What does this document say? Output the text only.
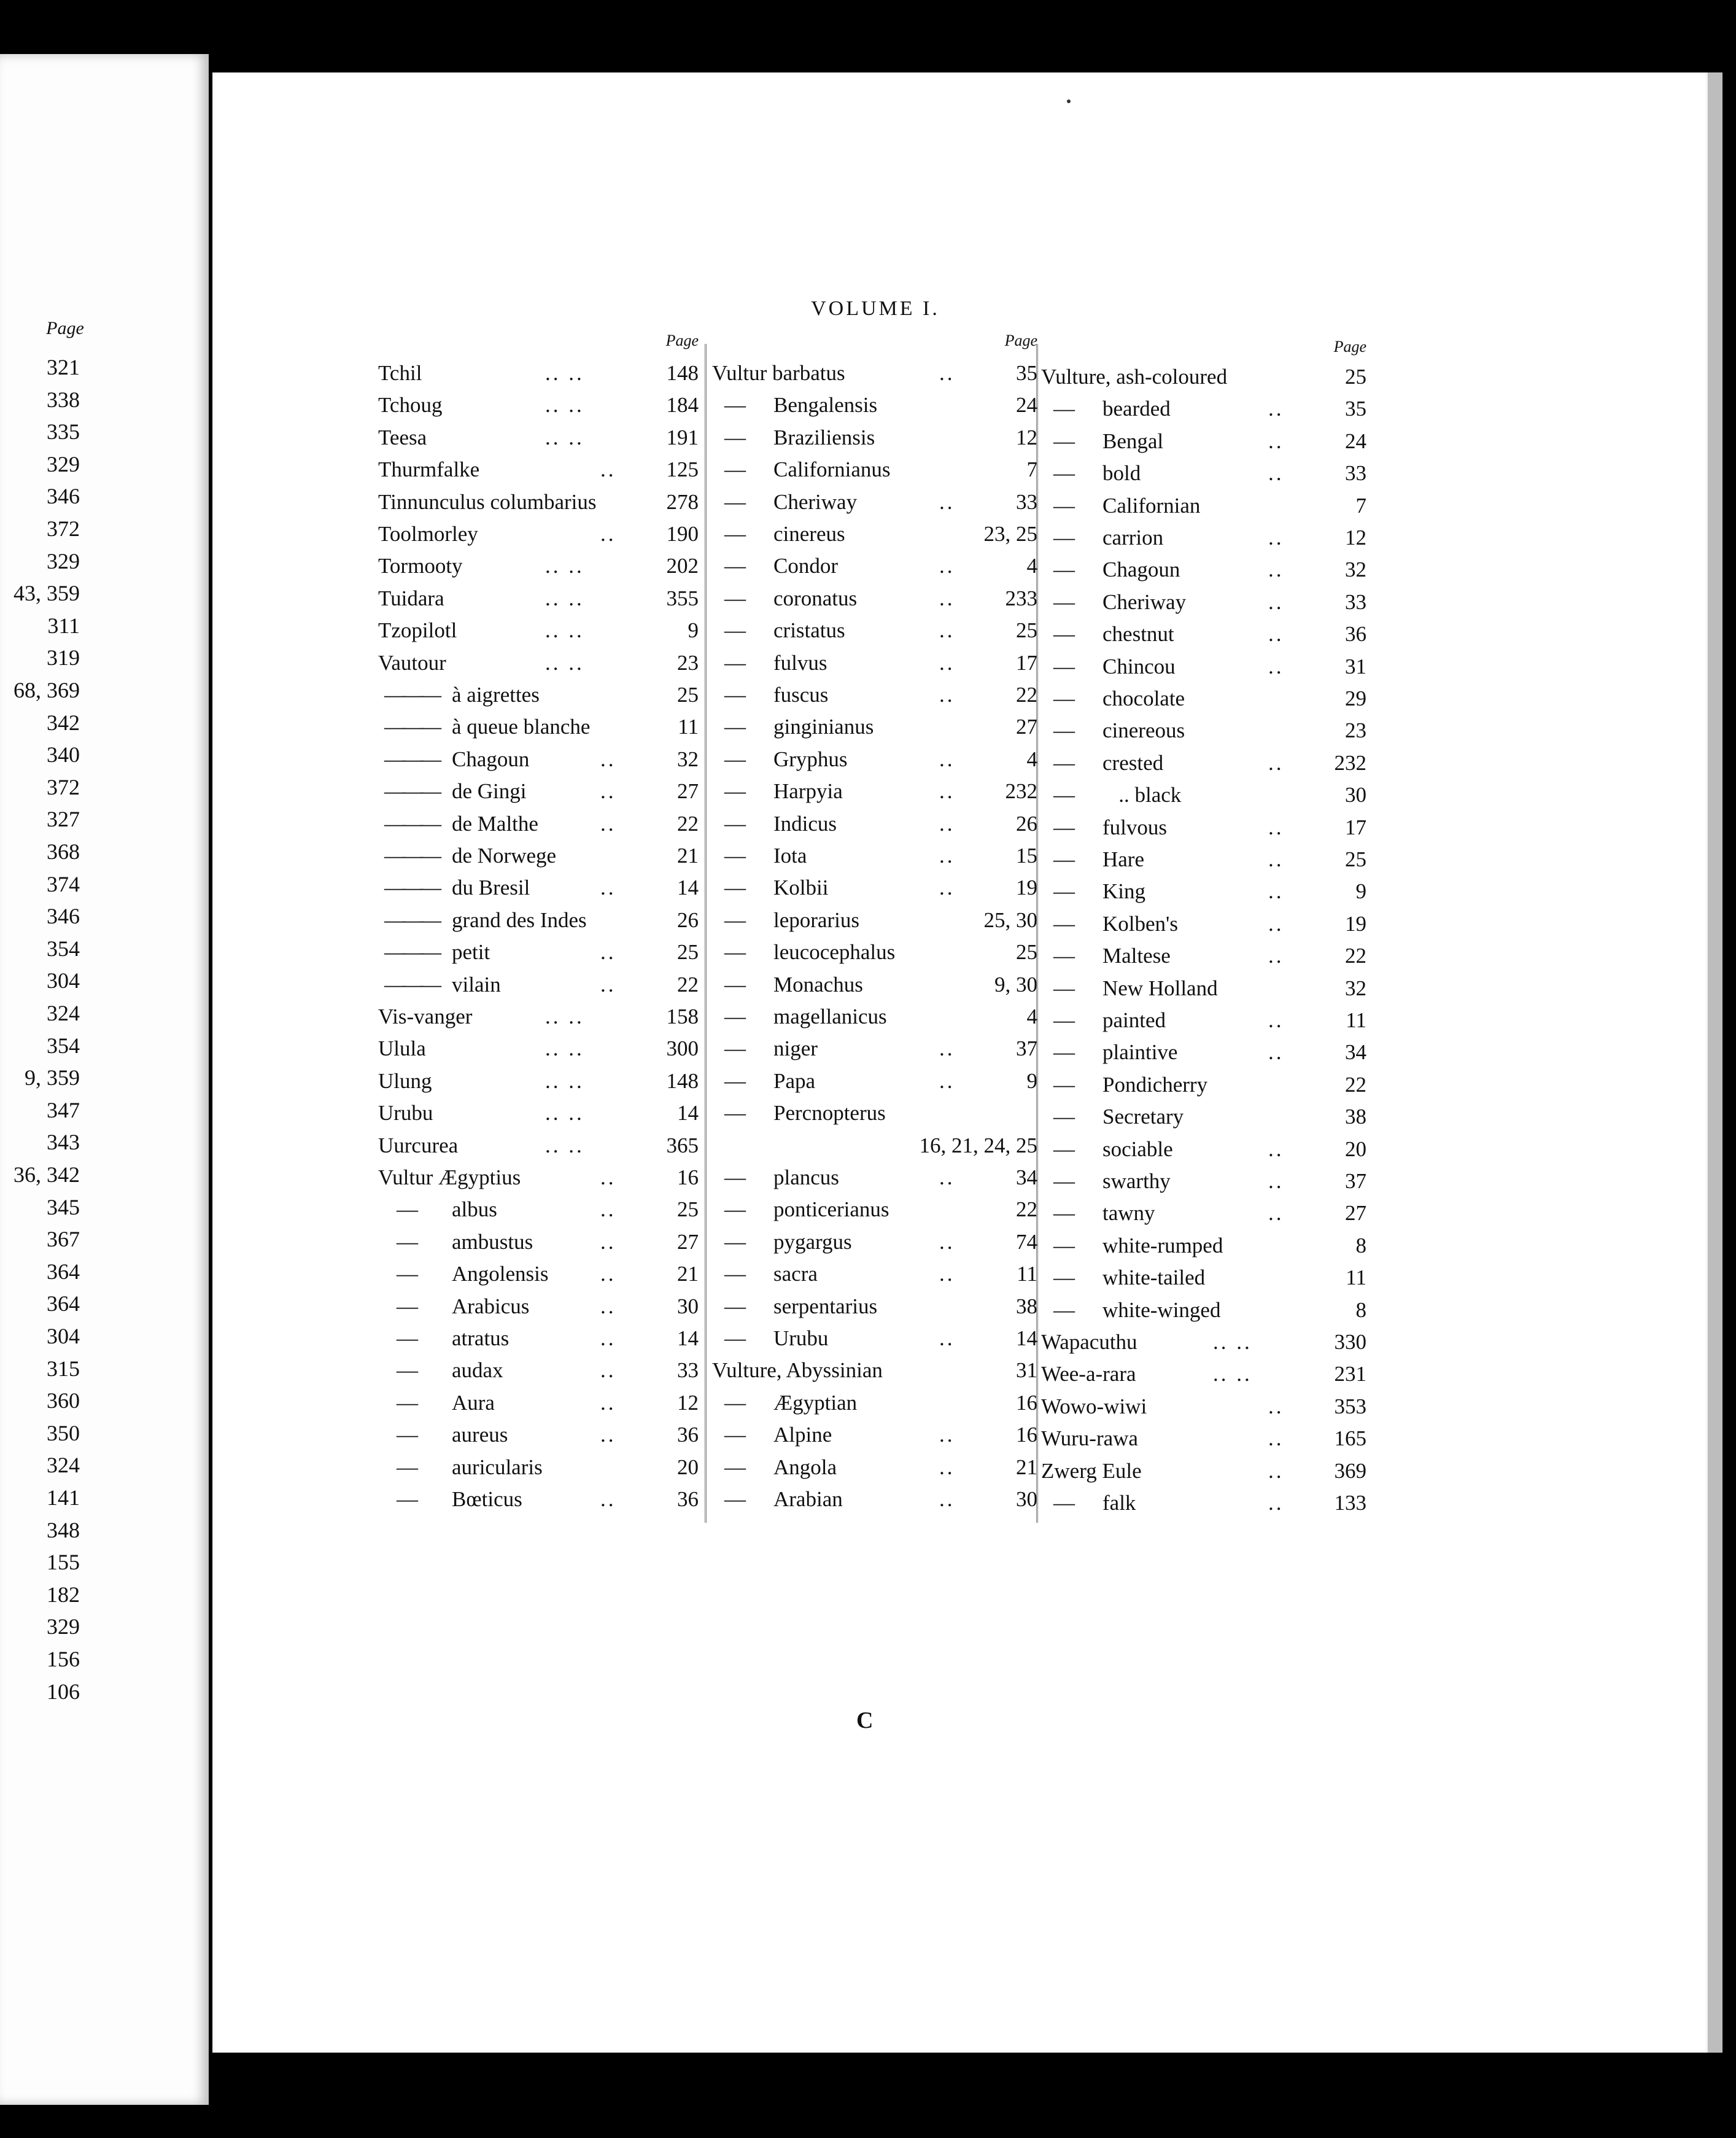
Page
321
338
335
329
346
372
329
43, 359
311
319
68, 369
342
340
372
327
368
374
346
354
304
324
354
9, 359
347
343
36, 342
345
367
364
364
304
315
360
350
324
141
348
155
182
329
156
106
VOLUME I.
Page
Tchil	.. ..	148
Tchoug	.. ..	184
Teesa	.. ..	191
Thurmfalke	..	125
Tinnunculus columbarius	278
Toolmorley	..	190
Tormooty	.. ..	202
Tuidara	.. ..	355
Tzopilotl	.. ..	9
Vautour	.. ..	23
——— à aigrettes	25
——— à queue blanche	11
——— Chagoun	..	32
——— de Gingi	..	27
——— de Malthe	..	22
——— de Norwege	21
——— du Bresil	..	14
——— grand des Indes	26
——— petit	..	25
——— vilain	..	22
Vis-vanger	.. ..	158
Ulula	.. ..	300
Ulung	.. ..	148
Urubu	.. ..	14
Uurcurea	.. ..	365
Vultur Ægyptius	..	16
— albus	..	25
— ambustus	..	27
— Angolensis ..	21
— Arabicus	..	30
— atratus	..	14
— audax	..	33
— Aura	..	12
— aureus	..	36
— auricularis	20
— Bœticus	..	36
Page
Vultur barbatus	..	35
— Bengalensis	24
— Braziliensis	12
— Californianus	7
— Cheriway	..	33
— cinereus	23, 25
— Condor	..	4
— coronatus	..	233
— cristatus	..	25
— fulvus	..	17
— fuscus	..	22
— ginginianus	27
— Gryphus	..	4
— Harpyia	..	232
— Indicus	..	26
— Iota	..	15
— Kolbii	..	19
— leporarius	25, 30
— leucocephalus	25
— Monachus	9, 30
— magellanicus	4
— niger	..	37
— Papa	..	9
— Percnopterus
16, 21, 24, 25
— plancus	..	34
— ponticerianus	22
— pygargus	..	74
— sacra	..	11
— serpentarius	38
— Urubu	..	14
Vulture, Abyssinian	31
— Ægyptian	16
— Alpine	..	16
— Angola	..	21
— Arabian	..	30
Page
Vulture, ash-coloured	25
— bearded	..	35
— Bengal	..	24
— bold	..	33
— Californian	7
— carrion	..	12
— Chagoun	..	32
— Cheriway	..	33
— chestnut	..	36
— Chincou	..	31
— chocolate	29
— cinereous	23
— crested	..	232
— .. black	30
— fulvous	..	17
— Hare	..	25
— King	..	9
— Kolben's	..	19
— Maltese	..	22
— New Holland	32
— painted	..	11
— plaintive	..	34
— Pondicherry	22
— Secretary	38
— sociable	..	20
— swarthy	..	37
— tawny	..	27
— white-rumped	8
— white-tailed	11
— white-winged	8
Wapacuthu	.. ..	330
Wee-a-rara	.. ..	231
Wowo-wiwi	..	353
Wuru-rawa	..	165
Zwerg Eule	..	369
— falk	..	133
C
